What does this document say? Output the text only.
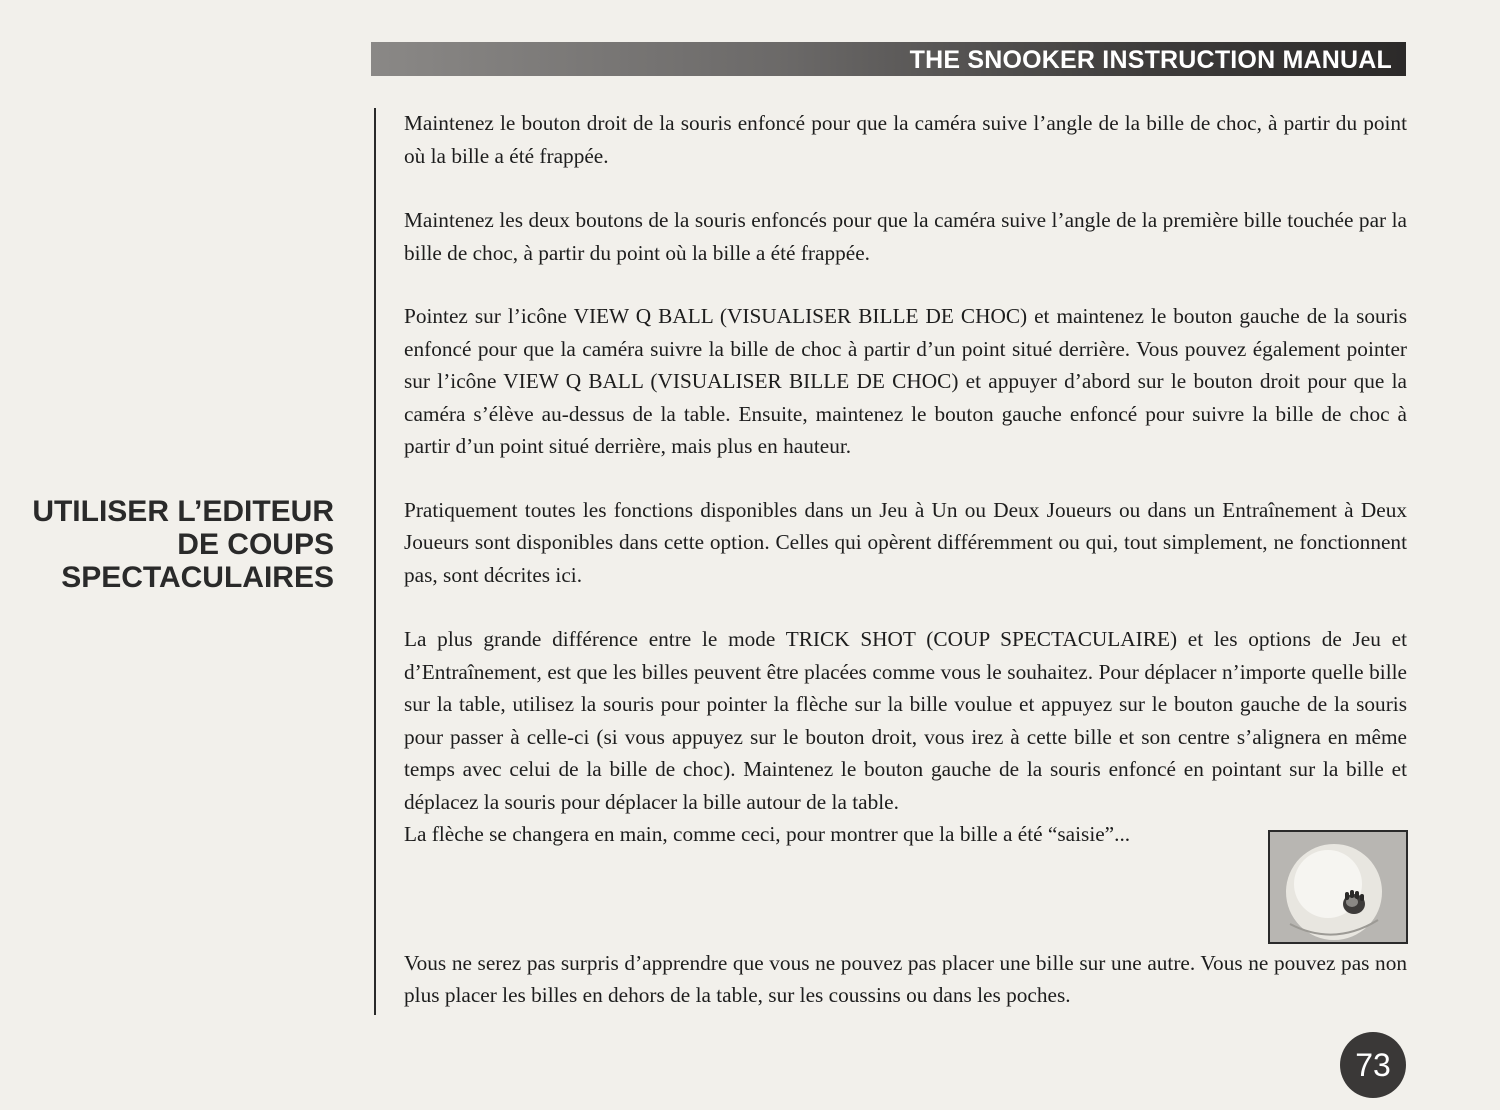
THE SNOOKER INSTRUCTION MANUAL
UTILISER L’EDITEUR
DE COUPS
SPECTACULAIRES

Maintenez le bouton droit de la souris enfoncé pour que la caméra suive l’angle de la bille de choc, à partir du point où la bille a été frappée.

Maintenez les deux boutons de la souris enfoncés pour que la caméra suive l’angle de la première bille touchée par la bille de choc, à partir du point où la bille a été frappée.

Pointez sur l’icône VIEW Q BALL (VISUALISER BILLE DE CHOC) et maintenez le bouton gauche de la souris enfoncé pour que la caméra suivre la bille de choc à partir d’un point situé derrière. Vous pouvez également pointer sur l’icône VIEW Q BALL (VISUALISER BILLE DE CHOC) et appuyer d’abord sur le bouton droit pour que la caméra s’élève au-dessus de la table. Ensuite, maintenez le bouton gauche enfoncé pour suivre la bille de choc à partir d’un point situé derrière, mais plus en hauteur.

Pratiquement toutes les fonctions disponibles dans un Jeu à Un ou Deux Joueurs ou dans un Entraînement à Deux Joueurs sont disponibles dans cette option. Celles qui opèrent différemment ou qui, tout simplement, ne fonctionnent pas, sont décrites ici.

La plus grande différence entre le mode TRICK SHOT (COUP SPECTACULAIRE) et les options de Jeu et d’Entraînement, est que les billes peuvent être placées comme vous le souhaitez. Pour déplacer n’importe quelle bille sur la table, utilisez la souris pour pointer la flèche sur la bille voulue et appuyez sur le bouton gauche de la souris pour passer à celle-ci (si vous appuyez sur le bouton droit, vous irez à cette bille et son centre s’alignera en même temps avec celui de la bille de choc). Maintenez le bouton gauche de la souris enfoncé en pointant sur la bille et déplacez la souris pour déplacer la bille autour de la table.
La flèche se changera en main, comme ceci, pour montrer que la bille a été “saisie”...

Vous ne serez pas surpris d’apprendre que vous ne pouvez pas placer une bille sur une autre. Vous ne pouvez pas non plus placer les billes en dehors de la table, sur les coussins ou dans les poches.

73
